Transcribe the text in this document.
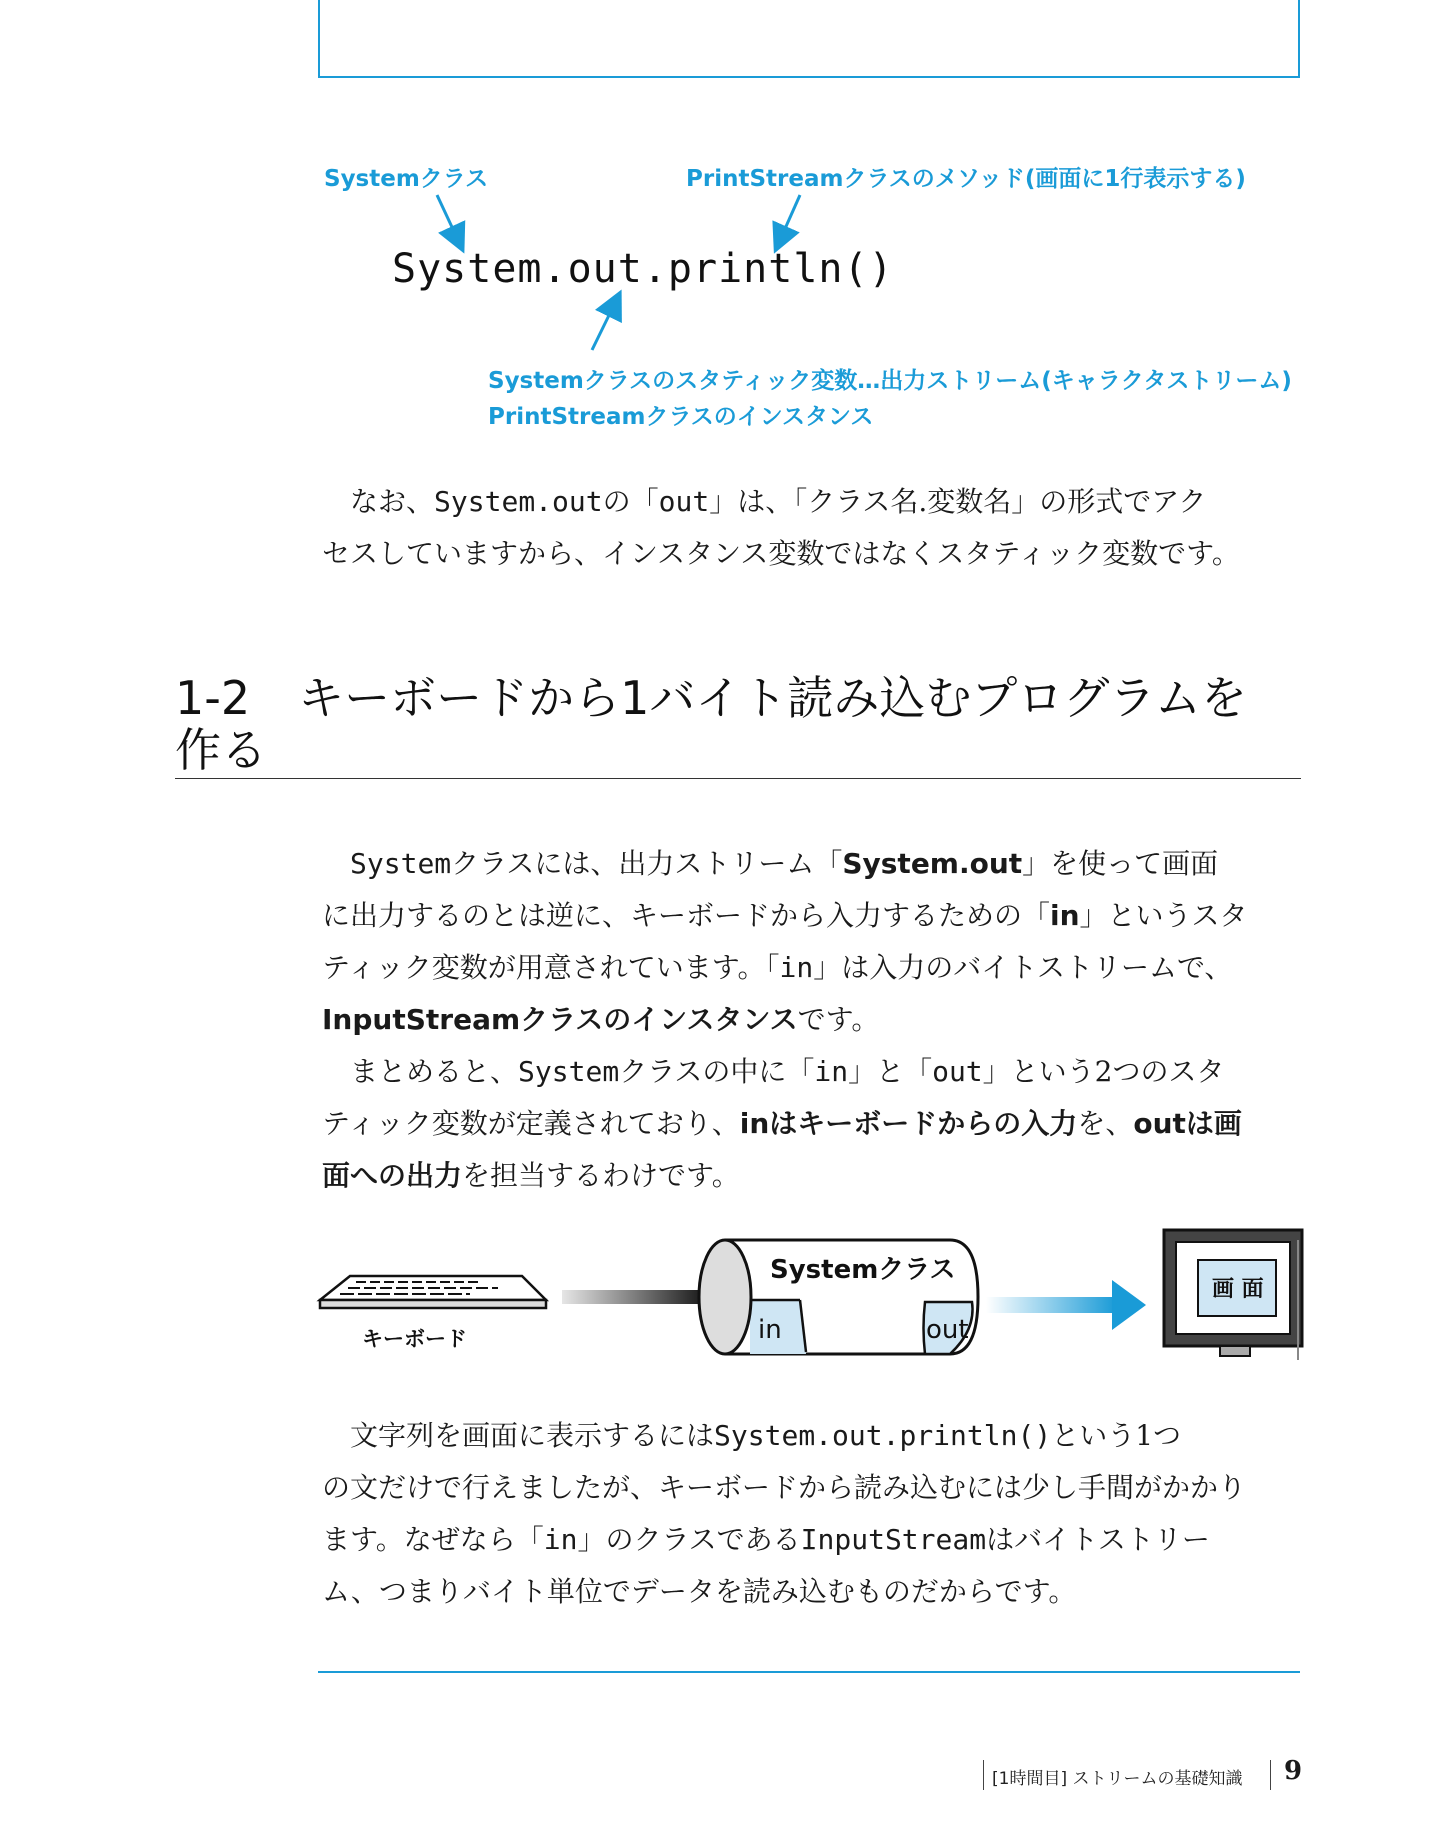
Systemクラス	PrintStreamクラスのメソッド(画面に1行表示する)
System.out.println()
Systemクラスのスタティック変数…出力ストリーム(キャラクタストリーム)
PrintStreamクラスのインスタンス
　なお、System.outの「out」は、「クラス名.変数名」の形式でアク
セスしていますから、インスタンス変数ではなくスタティック変数です。
1-2 キーボードから1バイト読み込むプログラムを
作る
　Systemクラスには、出力ストリーム「System.out」を使って画面
に出力するのとは逆に、キーボードから入力するための「in」というスタ
ティック変数が用意されています。「in」は入力のバイトストリームで、
InputStreamクラスのインスタンスです。
　まとめると、Systemクラスの中に「in」と「out」という2つのスタ
ティック変数が定義されており、inはキーボードからの入力を、outは画
面への出力を担当するわけです。
キーボード
Systemクラス
in	out
画 面
　文字列を画面に表示するにはSystem.out.println()という1つ
の文だけで行えましたが、キーボードから読み込むには少し手間がかかり
ます。なぜなら「in」のクラスであるInputStreamはバイトストリー
ム、つまりバイト単位でデータを読み込むものだからです。
[1時間目] ストリームの基礎知識 9
